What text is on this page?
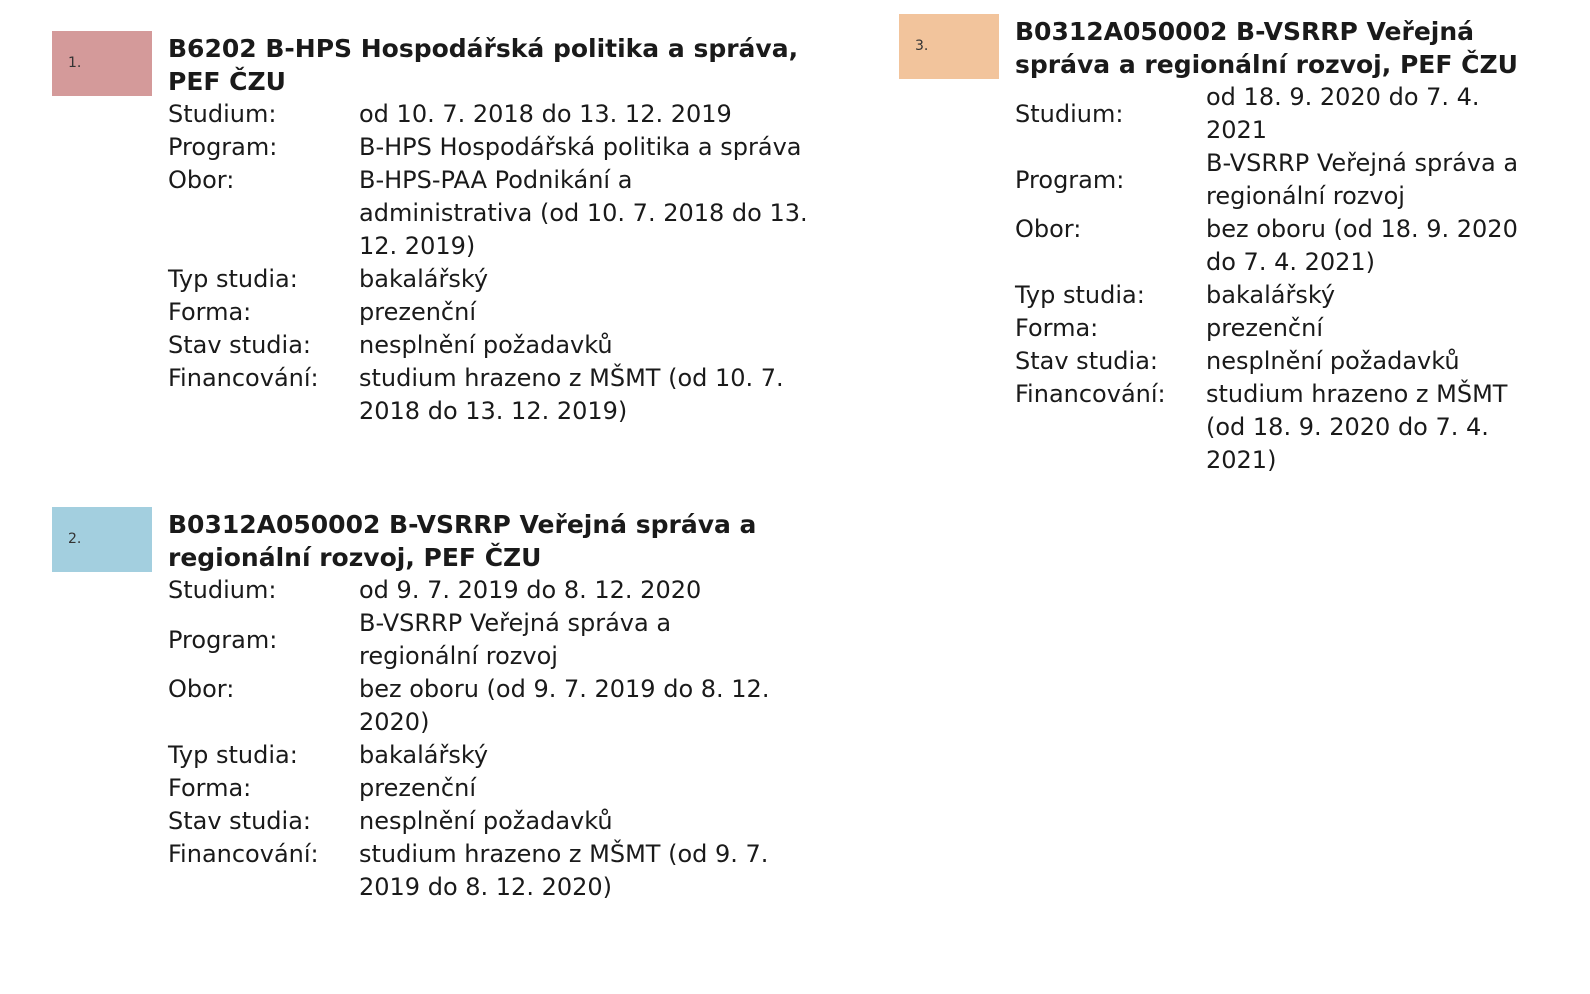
1.	B6202 B-HPS Hospodářská politika a správa, PEF ČZU
Studium:	od 10. 7. 2018 do 13. 12. 2019
Program:	B-HPS Hospodářská politika a správa
Obor:	B-HPS-PAA Podnikání a administrativa (od 10. 7. 2018 do 13. 12. 2019)
Typ studia:	bakalářský
Forma:	prezenční
Stav studia:	nesplnění požadavků
Financování:	studium hrazeno z MŠMT (od 10. 7. 2018 do 13. 12. 2019)
2.	B0312A050002 B-VSRRP Veřejná správa a regionální rozvoj, PEF ČZU
Studium:	od 9. 7. 2019 do 8. 12. 2020
Program:
B-VSRRP Veřejná správa a regionální rozvoj
Obor:	bez oboru (od 9. 7. 2019 do 8. 12. 2020)
Typ studia:	bakalářský
Forma:	prezenční
Stav studia:	nesplnění požadavků
Financování:	studium hrazeno z MŠMT (od 9. 7. 2019 do 8. 12. 2020)
3.	B0312A050002 B-VSRRP Veřejná správa a regionální rozvoj, PEF ČZU
Studium:
od 18. 9. 2020 do 7. 4. 2021
Program:
B-VSRRP Veřejná správa a regionální rozvoj
Obor:	bez oboru (od 18. 9. 2020 do 7. 4. 2021)
Typ studia:	bakalářský
Forma:	prezenční
Stav studia:	nesplnění požadavků
Financování:	studium hrazeno z MŠMT (od 18. 9. 2020 do 7. 4. 2021)
